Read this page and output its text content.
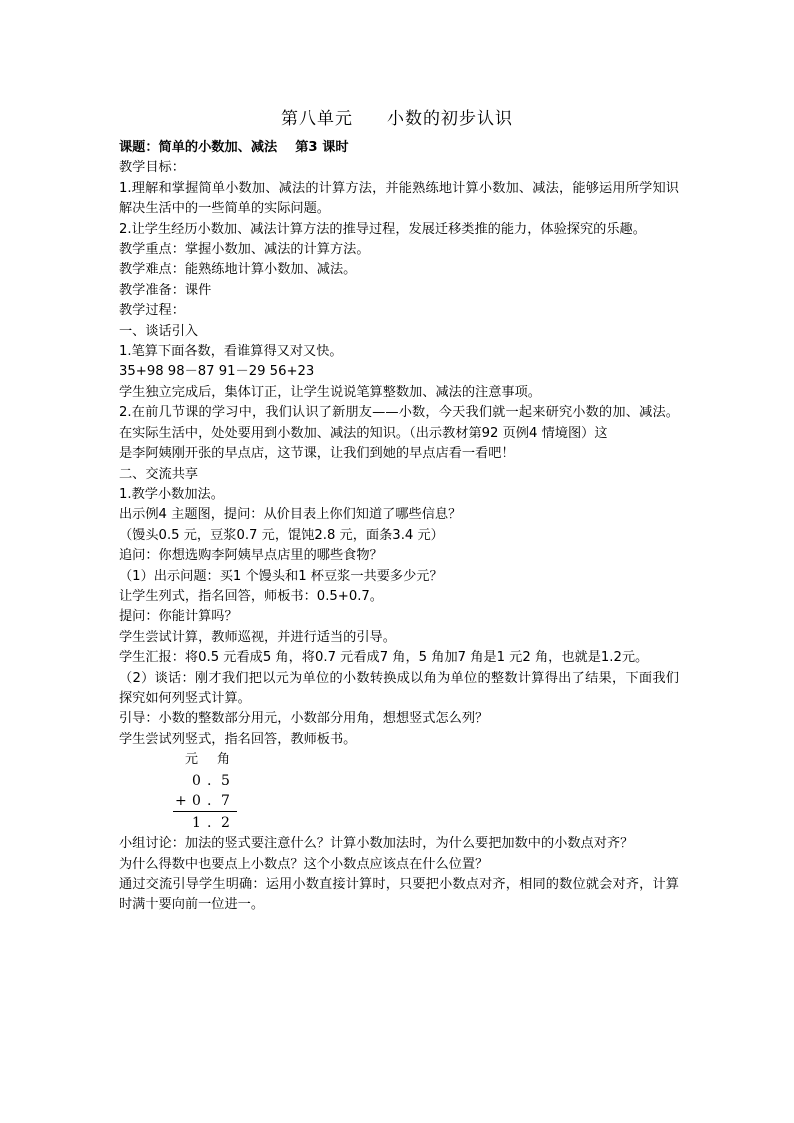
第八单元 小数的初步认识
课题：简单的小数加、减法 第3 课时
教学目标：
1.理解和掌握简单小数加、减法的计算方法，并能熟练地计算小数加、减法，能够运用所学知识解决生活中的一些简单的实际问题。
2.让学生经历小数加、减法计算方法的推导过程，发展迁移类推的能力，体验探究的乐趣。
教学重点：掌握小数加、减法的计算方法。
教学难点：能熟练地计算小数加、减法。
教学准备：课件
教学过程：
一、谈话引入
1.笔算下面各数，看谁算得又对又快。
35+98 98－87 91－29 56+23
学生独立完成后，集体订正，让学生说说笔算整数加、减法的注意事项。
2.在前几节课的学习中，我们认识了新朋友——小数，今天我们就一起来研究小数的加、减法。在实际生活中，处处要用到小数加、减法的知识。（出示教材第92 页例4 情境图）这
是李阿姨刚开张的早点店，这节课，让我们到她的早点店看一看吧！
二、交流共享
1.教学小数加法。
出示例4 主题图，提问：从价目表上你们知道了哪些信息？
（馒头0.5 元，豆浆0.7 元，馄饨2.8 元，面条3.4 元）
追问：你想选购李阿姨早点店里的哪些食物？
（1）出示问题：买1 个馒头和1 杯豆浆一共要多少元？
让学生列式，指名回答，师板书：0.5+0.7。
提问：你能计算吗？
学生尝试计算，教师巡视，并进行适当的引导。
学生汇报：将0.5 元看成5 角，将0.7 元看成7 角，5 角加7 角是1 元2 角，也就是1.2元。
（2）谈话：刚才我们把以元为单位的小数转换成以角为单位的整数计算得出了结果，下面我们探究如何列竖式计算。
引导：小数的整数部分用元，小数部分用角，想想竖式怎么列？
学生尝试列竖式，指名回答，教师板书。
元 角
0 . 5
+ 0 . 7
1 . 2
小组讨论：加法的竖式要注意什么？计算小数加法时，为什么要把加数中的小数点对齐？
为什么得数中也要点上小数点？这个小数点应该点在什么位置？
通过交流引导学生明确：运用小数直接计算时，只要把小数点对齐，相同的数位就会对齐，计算时满十要向前一位进一。
